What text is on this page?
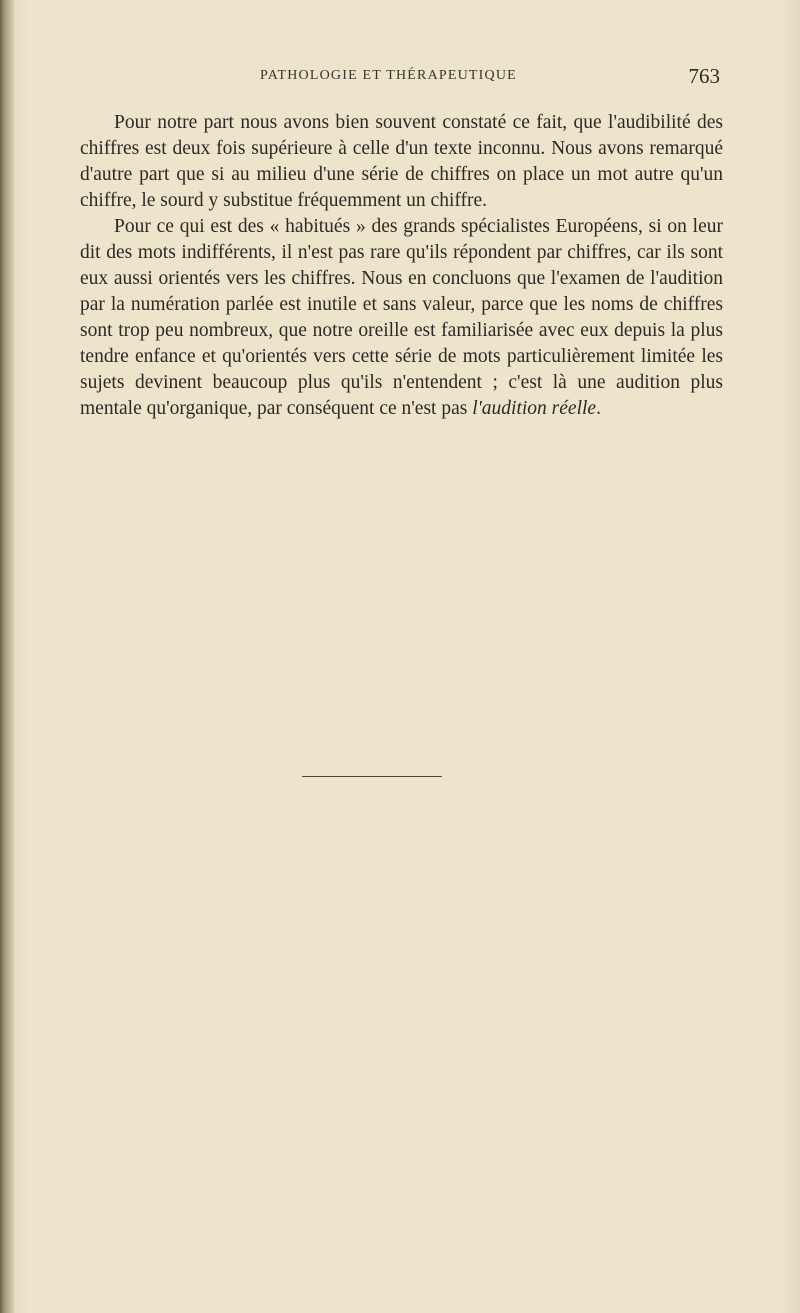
PATHOLOGIE ET THÉRAPEUTIQUE	763

Pour notre part nous avons bien souvent constaté ce fait, que l'audibilité des chiffres est deux fois supérieure à celle d'un texte inconnu. Nous avons remarqué d'autre part que si au milieu d'une série de chiffres on place un mot autre qu'un chiffre, le sourd y substitue fréquemment un chiffre.

Pour ce qui est des « habitués » des grands spécialistes Européens, si on leur dit des mots indifférents, il n'est pas rare qu'ils répondent par chiffres, car ils sont eux aussi orientés vers les chiffres. Nous en concluons que l'examen de l'audition par la numération parlée est inutile et sans valeur, parce que les noms de chiffres sont trop peu nombreux, que notre oreille est familiarisée avec eux depuis la plus tendre enfance et qu'orientés vers cette série de mots particulièrement limitée les sujets devinent beaucoup plus qu'ils n'entendent ; c'est là une audition plus mentale qu'organique, par conséquent ce n'est pas l'audition réelle.
